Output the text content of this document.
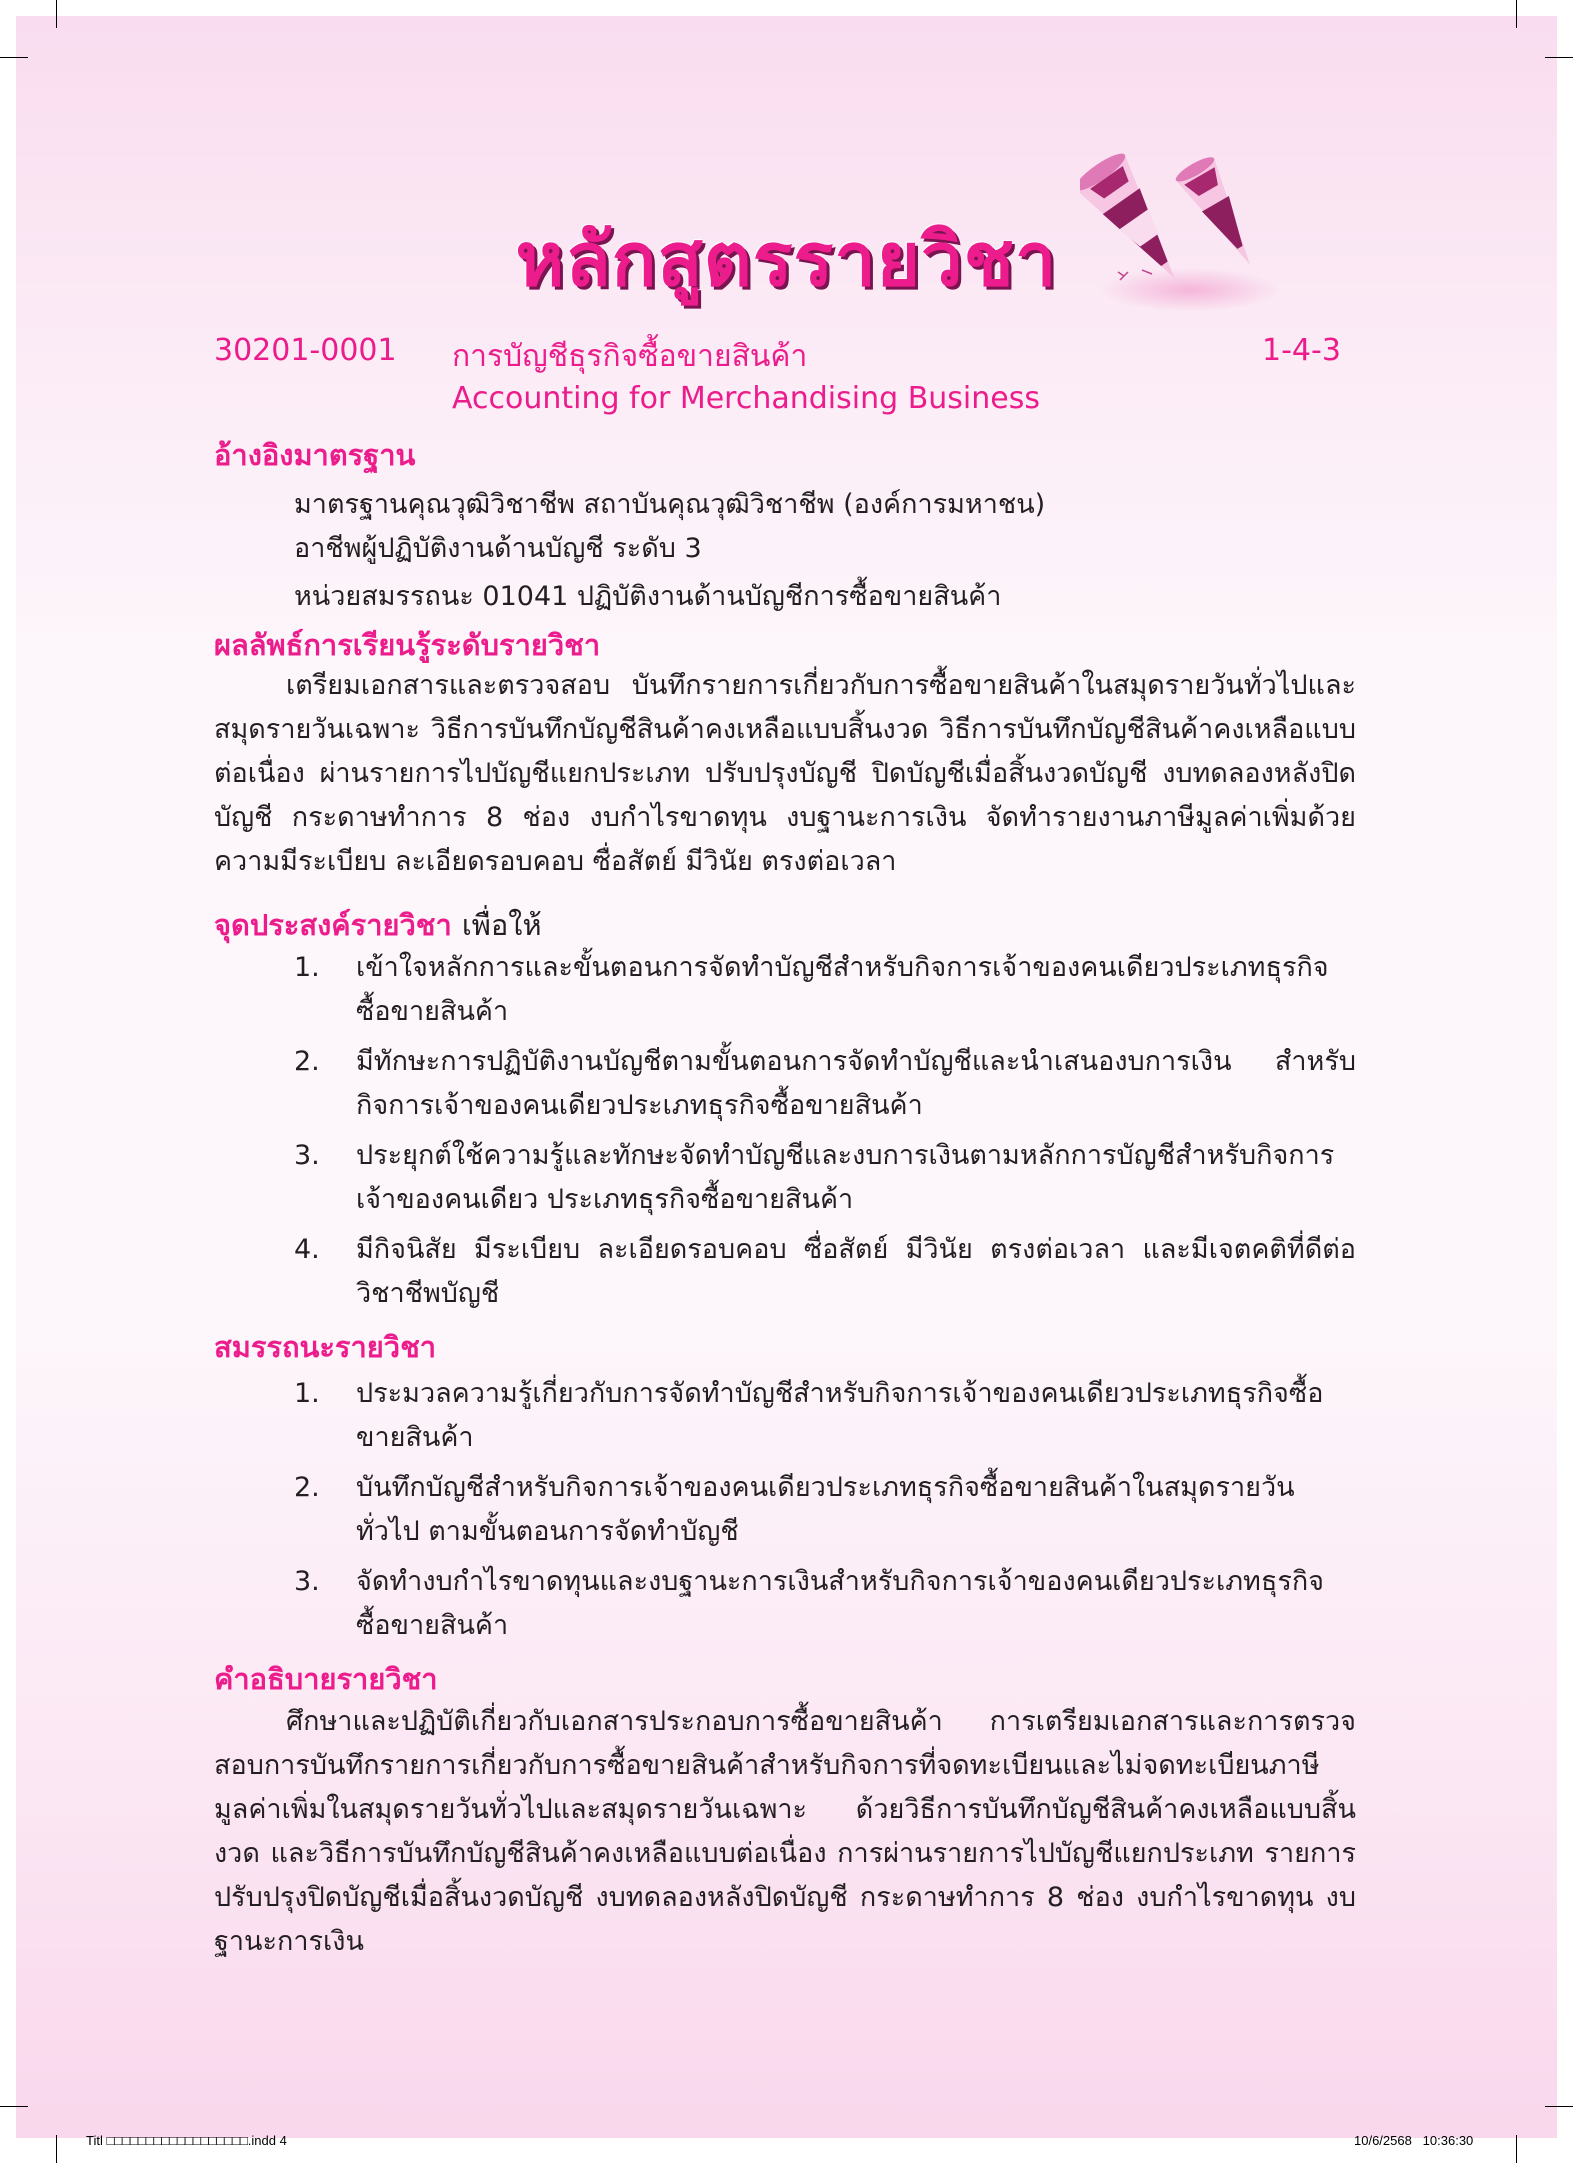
หลักสูตรรายวิชา
30201-0001 การบัญชีธุรกิจซื้อขายสินค้า	1-4-3
Accounting for Merchandising Business
อ้างอิงมาตรฐาน
มาตรฐานคุณวุฒิวิชาชีพ สถาบันคุณวุฒิวิชาชีพ (องค์การมหาชน)
อาชีพผู้ปฏิบัติงานด้านบัญชี ระดับ 3
หน่วยสมรรถนะ 01041 ปฏิบัติงานด้านบัญชีการซื้อขายสินค้า
ผลลัพธ์การเรียนรู้ระดับรายวิชา

เตรียมเอกสารและตรวจสอบ บันทึกรายการเกี่ยวกับการซื้อขายสินค้าในสมุดรายวันทั่วไปและสมุดรายวันเฉพาะ วิธีการบันทึกบัญชีสินค้าคงเหลือแบบสิ้นงวด วิธีการบันทึกบัญชีสินค้าคงเหลือแบบต่อเนื่อง ผ่านรายการไปบัญชีแยกประเภท ปรับปรุงบัญชี ปิดบัญชีเมื่อสิ้นงวดบัญชี งบทดลองหลังปิดบัญชี กระดาษทำการ 8 ช่อง งบกำไรขาดทุน งบฐานะการเงิน จัดทำรายงานภาษีมูลค่าเพิ่มด้วยความมีระเบียบ ละเอียดรอบคอบ ซื่อสัตย์ มีวินัย ตรงต่อเวลา

จุดประสงค์รายวิชา เพื่อให้
1. เข้าใจหลักการและขั้นตอนการจัดทำบัญชีสำหรับกิจการเจ้าของคนเดียวประเภทธุรกิจซื้อขายสินค้า
2. มีทักษะการปฏิบัติงานบัญชีตามขั้นตอนการจัดทำบัญชีและนำเสนองบการเงิน สำหรับกิจการเจ้าของคนเดียวประเภทธุรกิจซื้อขายสินค้า
3. ประยุกต์ใช้ความรู้และทักษะจัดทำบัญชีและงบการเงินตามหลักการบัญชีสำหรับกิจการเจ้าของคนเดียว ประเภทธุรกิจซื้อขายสินค้า
4. มีกิจนิสัย มีระเบียบ ละเอียดรอบคอบ ซื่อสัตย์ มีวินัย ตรงต่อเวลา และมีเจตคติที่ดีต่อวิชาชีพบัญชี
สมรรถนะรายวิชา
1. ประมวลความรู้เกี่ยวกับการจัดทำบัญชีสำหรับกิจการเจ้าของคนเดียวประเภทธุรกิจซื้อขายสินค้า
2. บันทึกบัญชีสำหรับกิจการเจ้าของคนเดียวประเภทธุรกิจซื้อขายสินค้าในสมุดรายวันทั่วไป ตามขั้นตอนการจัดทำบัญชี
3. จัดทำงบกำไรขาดทุนและงบฐานะการเงินสำหรับกิจการเจ้าของคนเดียวประเภทธุรกิจซื้อขายสินค้า
คำอธิบายรายวิชา

ศึกษาและปฏิบัติเกี่ยวกับเอกสารประกอบการซื้อขายสินค้า การเตรียมเอกสารและการตรวจสอบการบันทึกรายการเกี่ยวกับการซื้อขายสินค้าสำหรับกิจการที่จดทะเบียนและไม่จดทะเบียนภาษีมูลค่าเพิ่มในสมุดรายวันทั่วไปและสมุดรายวันเฉพาะ ด้วยวิธีการบันทึกบัญชีสินค้าคงเหลือแบบสิ้นงวด และวิธีการบันทึกบัญชีสินค้าคงเหลือแบบต่อเนื่อง การผ่านรายการไปบัญชีแยกประเภท รายการปรับปรุงปิดบัญชีเมื่อสิ้นงวดบัญชี งบทดลองหลังปิดบัญชี กระดาษทำการ 8 ช่อง งบกำไรขาดทุน งบฐานะการเงิน

Titl □□□□□□□□□□□□□□□□□□.indd 4	10/6/2568   10:36:30
